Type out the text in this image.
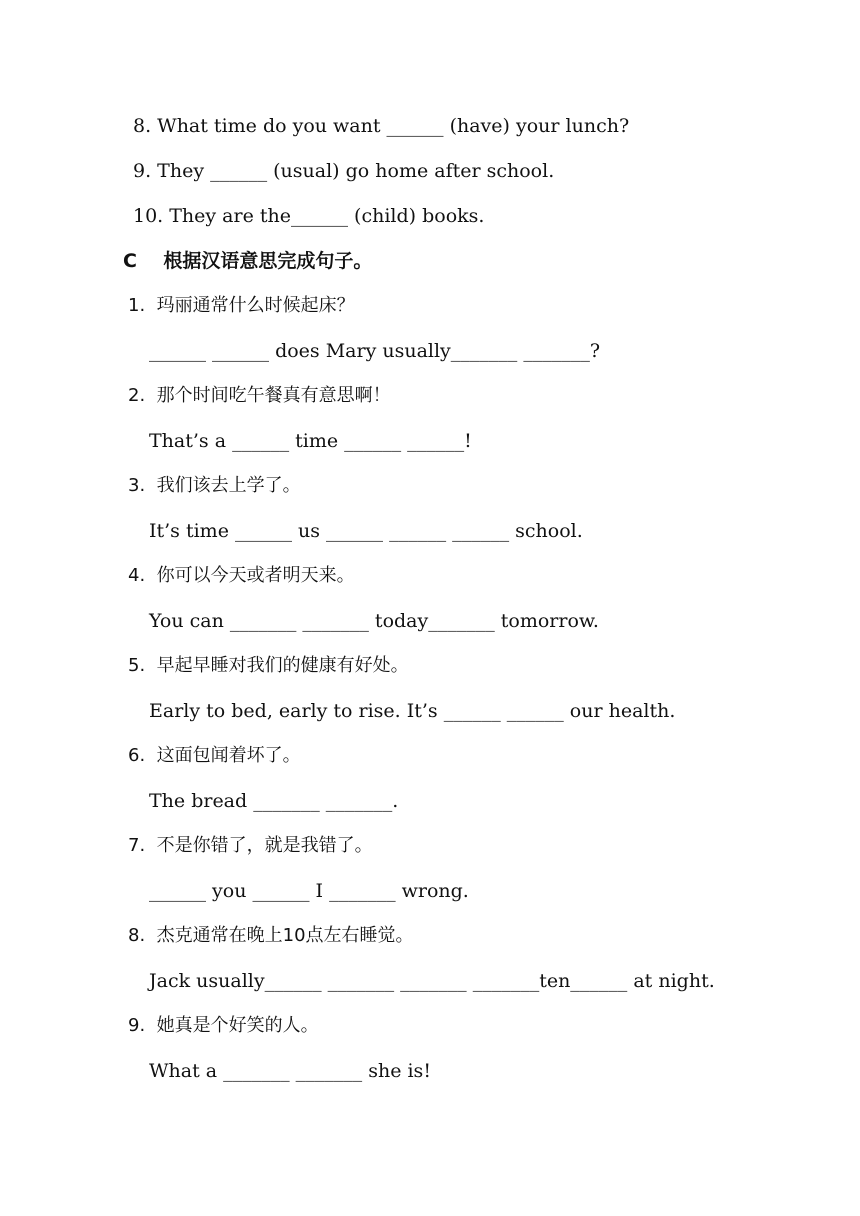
8. What time do you want ______ (have) your lunch?
9. They ______ (usual) go home after school.
10. They are the______ (child) books.
C    根据汉语意思完成句子。
1.  玛丽通常什么时候起床？
______ ______ does Mary usually_______ _______?
2.  那个时间吃午餐真有意思啊！
That’s a ______ time ______ ______!
3.  我们该去上学了。
It’s time ______ us ______ ______ ______ school.
4.  你可以今天或者明天来。
You can _______ _______ today_______ tomorrow.
5.  早起早睡对我们的健康有好处。
Early to bed, early to rise. It’s ______ ______ our health.
6.  这面包闻着坏了。
The bread _______ _______.
7.  不是你错了，就是我错了。
______ you ______ I _______ wrong.
8.  杰克通常在晚上10点左右睡觉。
Jack usually______ _______ _______ _______ten______ at night.
9.  她真是个好笑的人。
What a _______ _______ she is!
